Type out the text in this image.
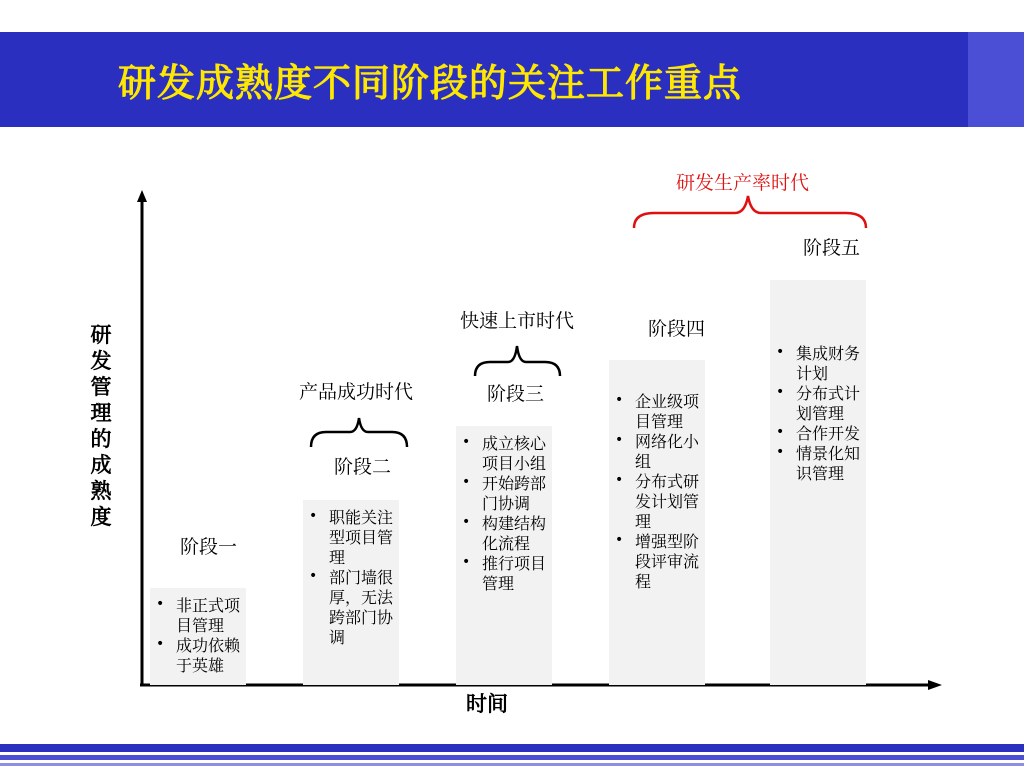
研发成熟度不同阶段的关注工作重点
研发管理的成熟度
时间
产品成功时代
快速上市时代
研发生产率时代
阶段一
阶段二
阶段三
阶段四
阶段五
• 非正式项目管理
• 成功依赖于英雄
• 职能关注型项目管理
• 部门墙很厚，无法跨部门协调
• 成立核心项目小组
• 开始跨部门协调
• 构建结构化流程
• 推行项目管理
• 企业级项目管理
• 网络化小组
• 分布式研发计划管理
• 增强型阶段评审流程
• 集成财务计划
• 分布式计划管理
• 合作开发
• 情景化知识管理
